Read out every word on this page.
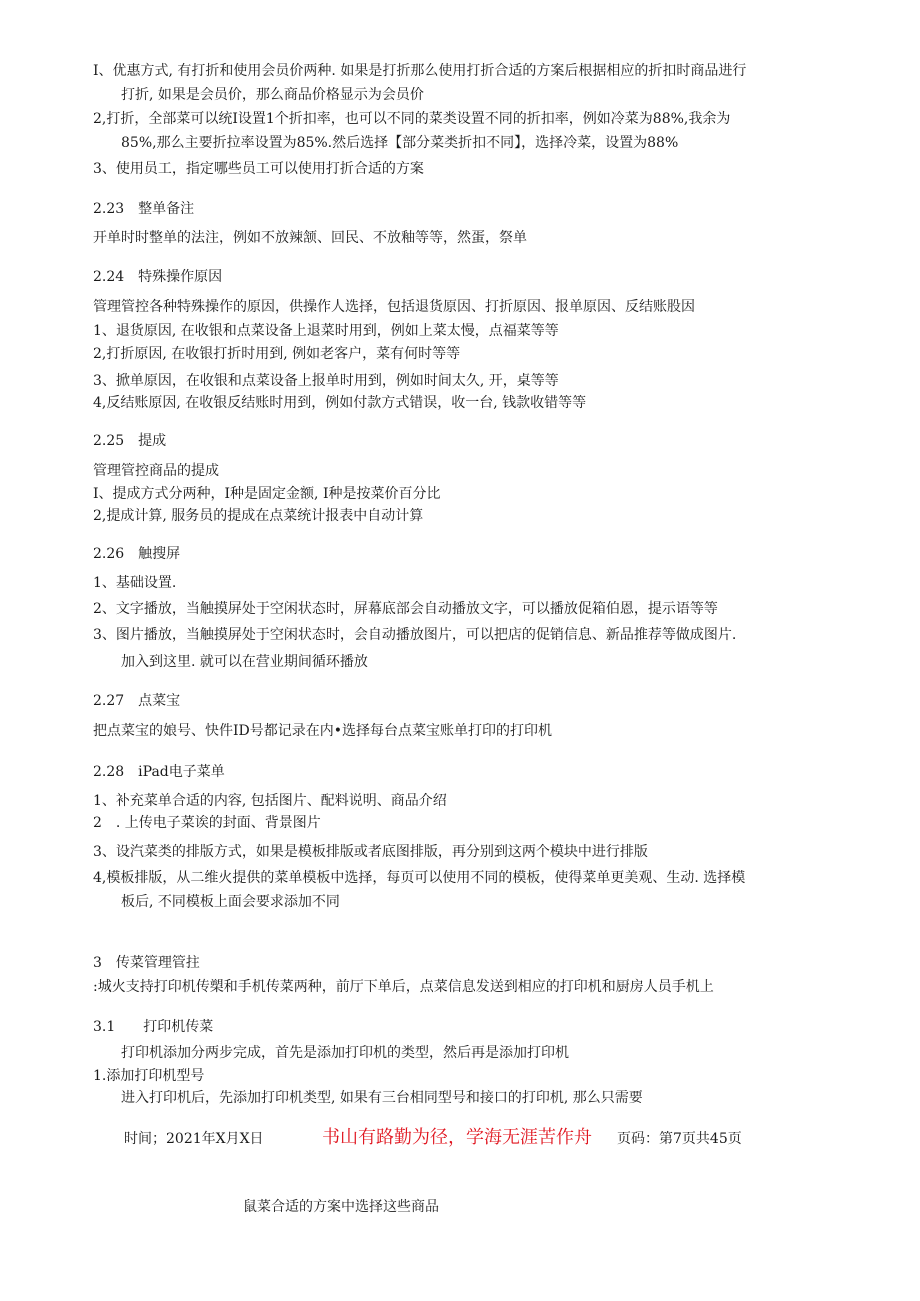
I、优惠方式, 有打折和使用会员价两种. 如果是打折那么使用打折合适的方案后根据相应的折扣时商品进行
打折, 如果是会员价，那么商品价格显示为会员价
2,打折，全部菜可以统I设置1个折扣率，也可以不同的菜类设置不同的折扣率，例如冷菜为88%,我余为
85%,那么主要折拉率设置为85%.然后选择【部分菜类折扣不同】，选择冷菜，设置为88%
3、使用员工，指定哪些员工可以使用打折合适的方案
2.23　整单备注
开单时时整单的法注，例如不放辣颔、回民、不放釉等等，然蛋，祭单
2.24　特殊操作原因
管理管控各种特殊操作的原因，供操作人选择，包括退货原因、打折原因、报单原因、反结账股因
1、退货原因, 在收银和点菜设备上退菜时用到，例如上菜太慢，点福菜等等
2,打折原因, 在收银打折时用到, 例如老客户，菜有何时等等
3、掀单原因，在收银和点菜设备上报单时用到，例如时间太久, 开，桌等等
4,反结账原因, 在收银反结账时用到，例如付款方式错误，收一台, 钱款收错等等
2.25　提成
管理管控商品的提成
I、提成方式分两种，I种是固定金额, I种是按菜价百分比
2,提成计算, 服务员的提成在点菜统计报表中自动计算
2.26　触搜屏
1、基础设置.
2、文字播放，当触摸屏处于空闲状态时，屏幕底部会自动播放文字，可以播放促箱伯恩，提示语等等
3、图片播放，当触摸屏处于空闲状态时，会自动播放图片，可以把店的促销信息、新品推荐等做成图片.
加入到这里. 就可以在营业期间循环播放
2.27　点菜宝
把点菜宝的娘号、快件ID号都记录在内•选择每台点菜宝账单打印的打印机
2.28　iPad电子菜单
1、补充菜单合适的内容, 包括图片、配料说明、商品介绍
2　. 上传电子菜诶的封面、背景图片
3、设汽菜类的排版方式，如果是模板排版或者底图排版，再分别到这两个模块中进行排版
4,模板排版，从二维火提供的菜单模板中选择，每页可以使用不同的模板，使得菜单更美观、生动. 选择模
板后, 不同模板上面会要求添加不同
3　传菜管理管拄
:城火支持打印机传槊和手机传菜两种，前厅下单后，点菜信息发送到相应的打印机和厨房人员手机上
3.1　　打印机传菜
打印机添加分两步完成，首先是添加打印机的类型，然后再是添加打印机
1.添加打印机型号
进入打印机后，先添加打印机类型, 如果有三台相同型号和接口的打印机, 那么只需要
时间；2021年X月X日	书山有路勤为径，学海无涯苦作舟 页码：第7页共45页
鼠菜合适的方案中选择这些商品
